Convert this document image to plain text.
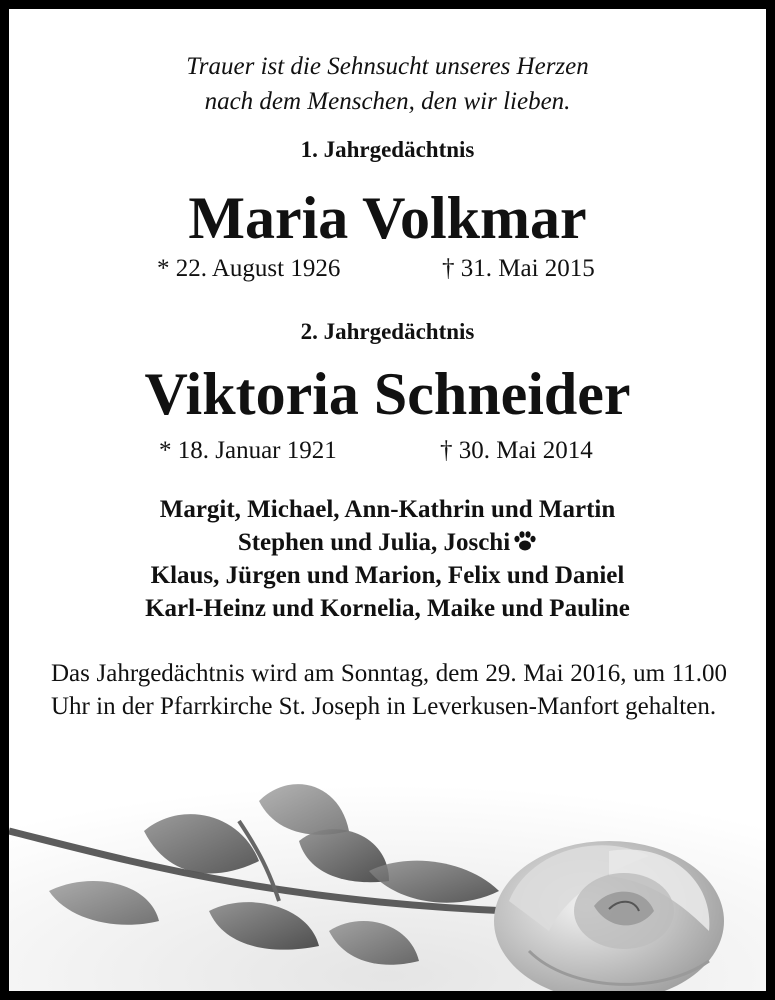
Trauer ist die Sehnsucht unseres Herzen
nach dem Menschen, den wir lieben.
1. Jahrgedächtnis
Maria Volkmar
* 22. August 1926	† 31. Mai 2015
2. Jahrgedächtnis
Viktoria Schneider
* 18. Januar 1921	† 30. Mai 2014
Margit, Michael, Ann-Kathrin und Martin
Stephen und Julia, Joschi
Klaus, Jürgen und Marion, Felix und Daniel
Karl-Heinz und Kornelia, Maike und Pauline
Das Jahrgedächtnis wird am Sonntag, dem 29. Mai 2016, um 11.00 Uhr in der Pfarrkirche St. Joseph in Leverkusen-Manfort gehalten.
